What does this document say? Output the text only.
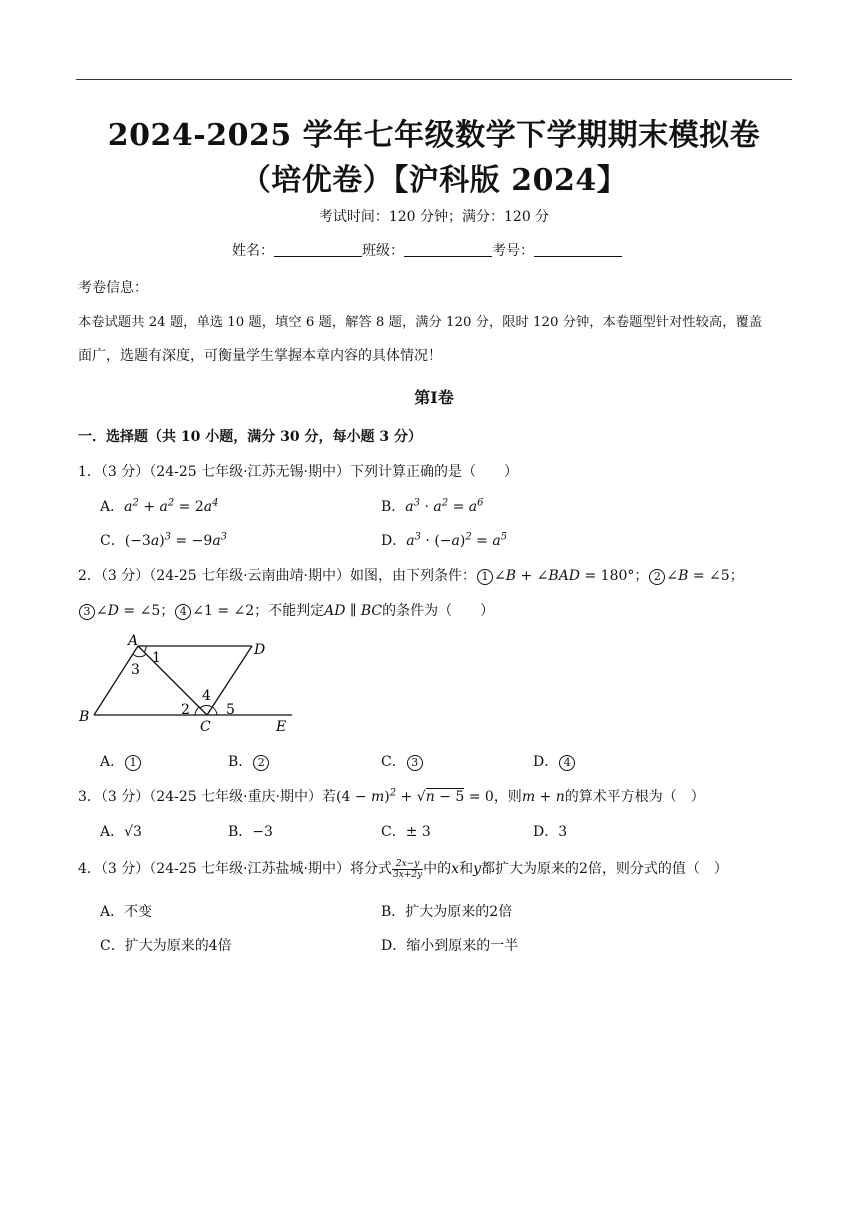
2024-2025 学年七年级数学下学期期末模拟卷
（培优卷）【沪科版 2024】
考试时间：120 分钟；满分：120 分
姓名：	班级：	考号：
考卷信息：
本卷试题共 24 题，单选 10 题，填空 6 题，解答 8 题，满分 120 分，限时 120 分钟，本卷题型针对性较高，覆盖
面广，选题有深度，可衡量学生掌握本章内容的具体情况！
第I卷
一．选择题（共 10 小题，满分 30 分，每小题 3 分）
1．（3 分）（24-25 七年级·江苏无锡·期中）下列计算正确的是（　　）
A．$a^2 + a^2 = 2a^4$	B．$a^3 \cdot a^2 = a^6$
C．$(-3a)^3 = -9a^3$	D．$a^3 \cdot (-a)^2 = a^5$
2．（3 分）（24-25 七年级·云南曲靖·期中）如图，由下列条件： 1 ∠B + ∠BAD = 180°； 2 ∠B = ∠5；
3 ∠D = ∠5； 4 ∠1 = ∠2；不能判定AD ∥ BC的条件为（　　）
A
D
B
C	E
1
2
3
4
5
A． 1	B． 2	C． 3	D． 4
3．（3 分）（24-25 七年级·重庆·期中）若$(4 - m)^2 + √n - 5 = 0$，则m + n的算术平方根为（　）
A．√3	B．−3	C．± 3	D．3
4．（3 分）（24-25 七年级·江苏盐城·期中）将分式 $\frac{2x-y}{3x+2y}$ 中的x和y都扩大为原来的2倍，则分式的值（　）
A．不变	B．扩大为原来的2倍
C．扩大为原来的4倍	D．缩小到原来的一半
